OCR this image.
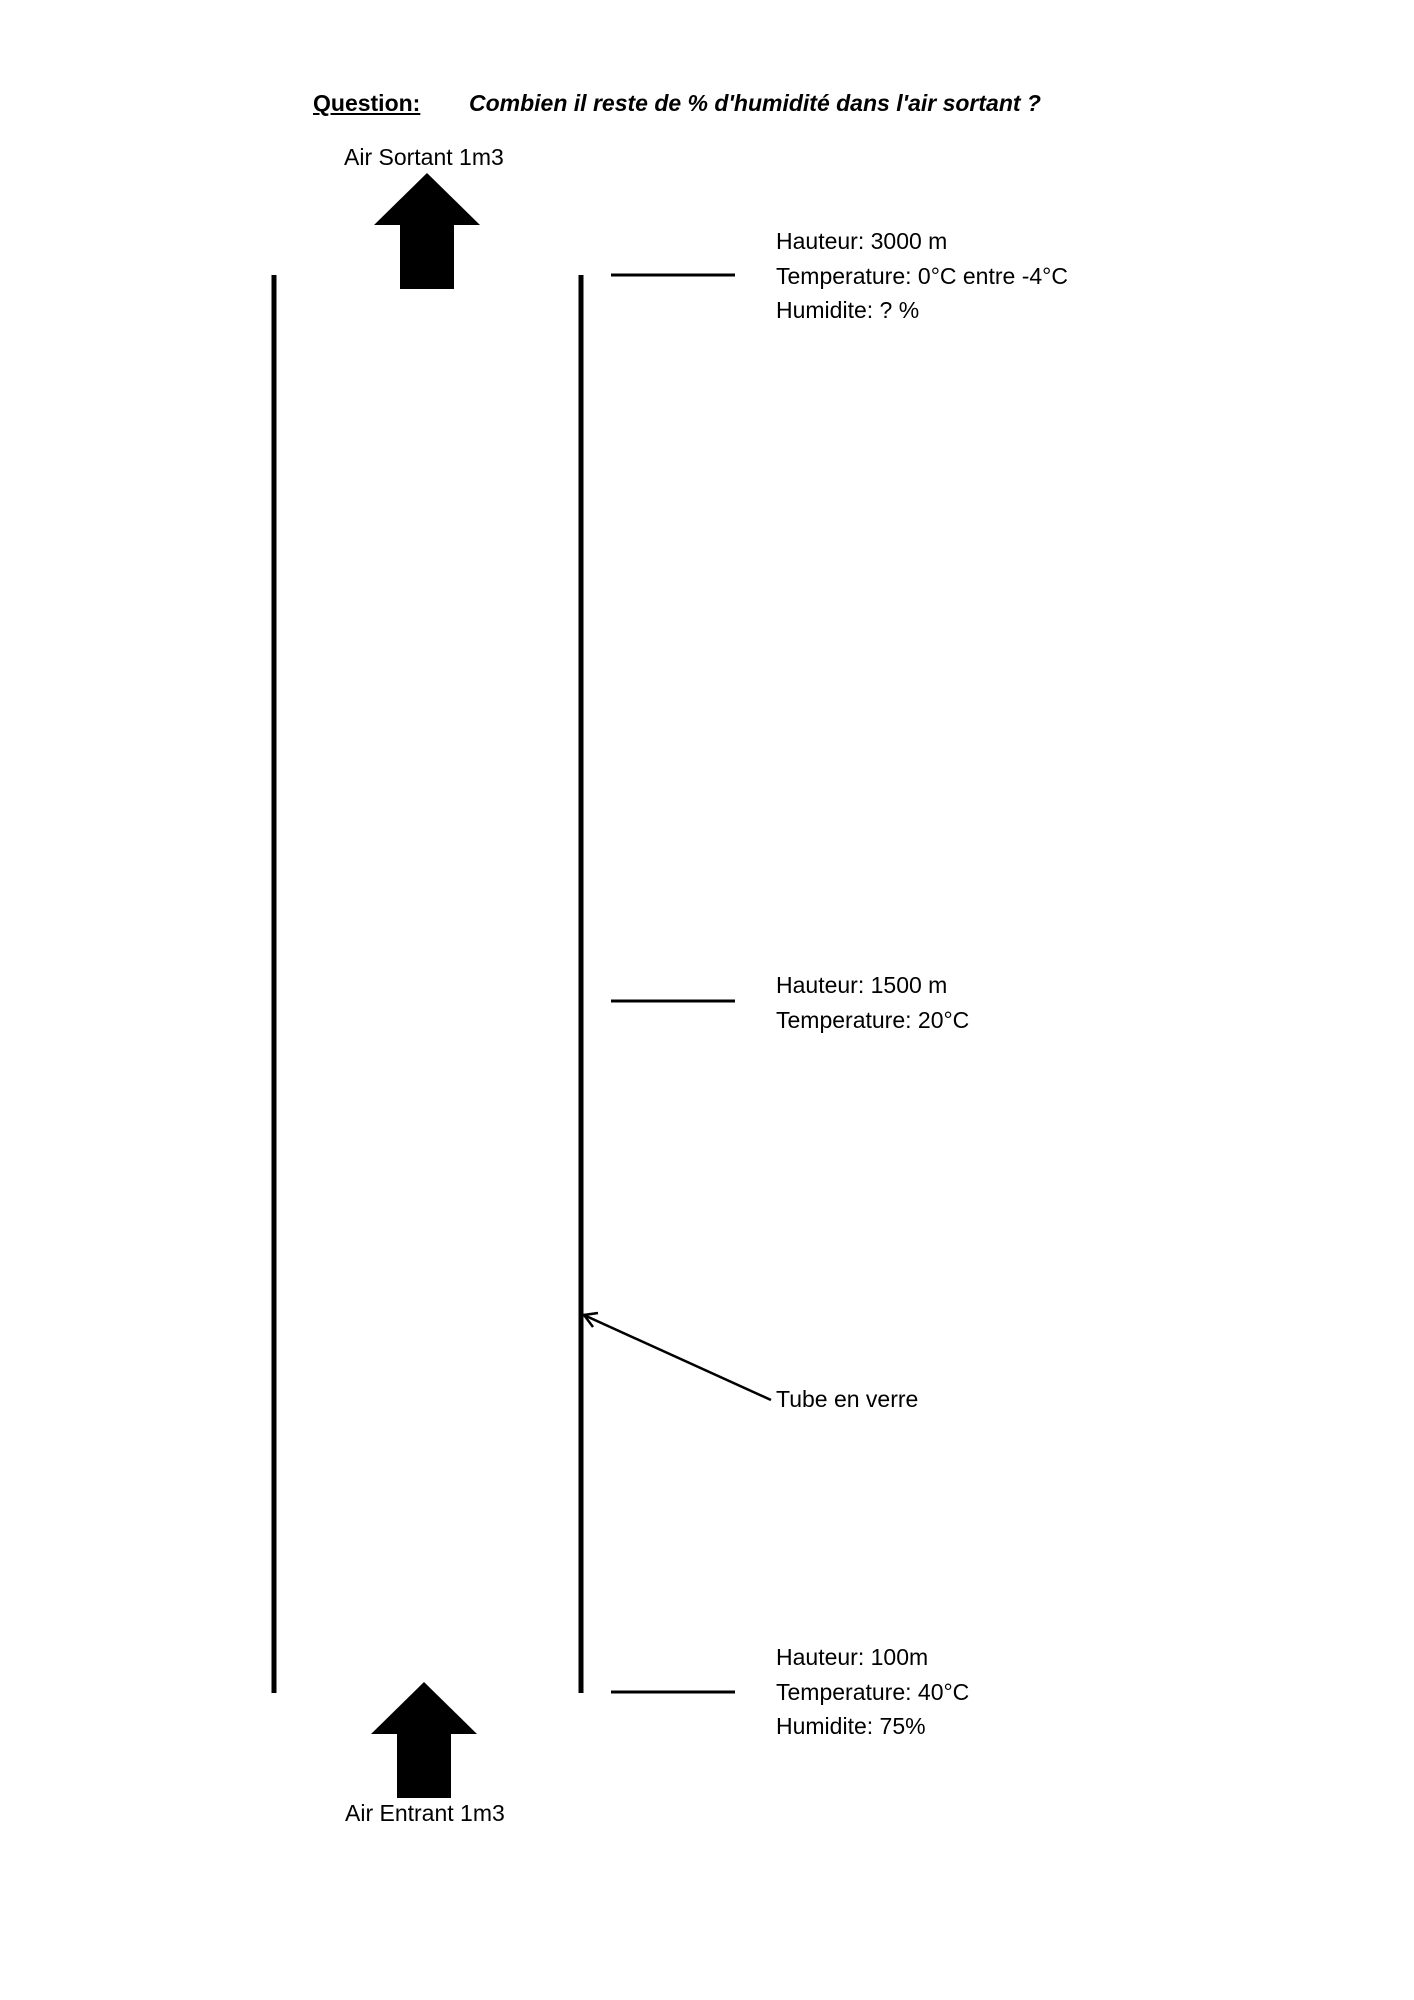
Question: Combien il reste de % d'humidité dans l'air sortant ?
Air Sortant 1m3
Air Entrant 1m3
Hauteur: 3000 m
Temperature: 0°C entre -4°C
Humidite: ? %
Hauteur: 1500 m
Temperature: 20°C
Tube en verre
Hauteur: 100m
Temperature: 40°C
Humidite: 75%
